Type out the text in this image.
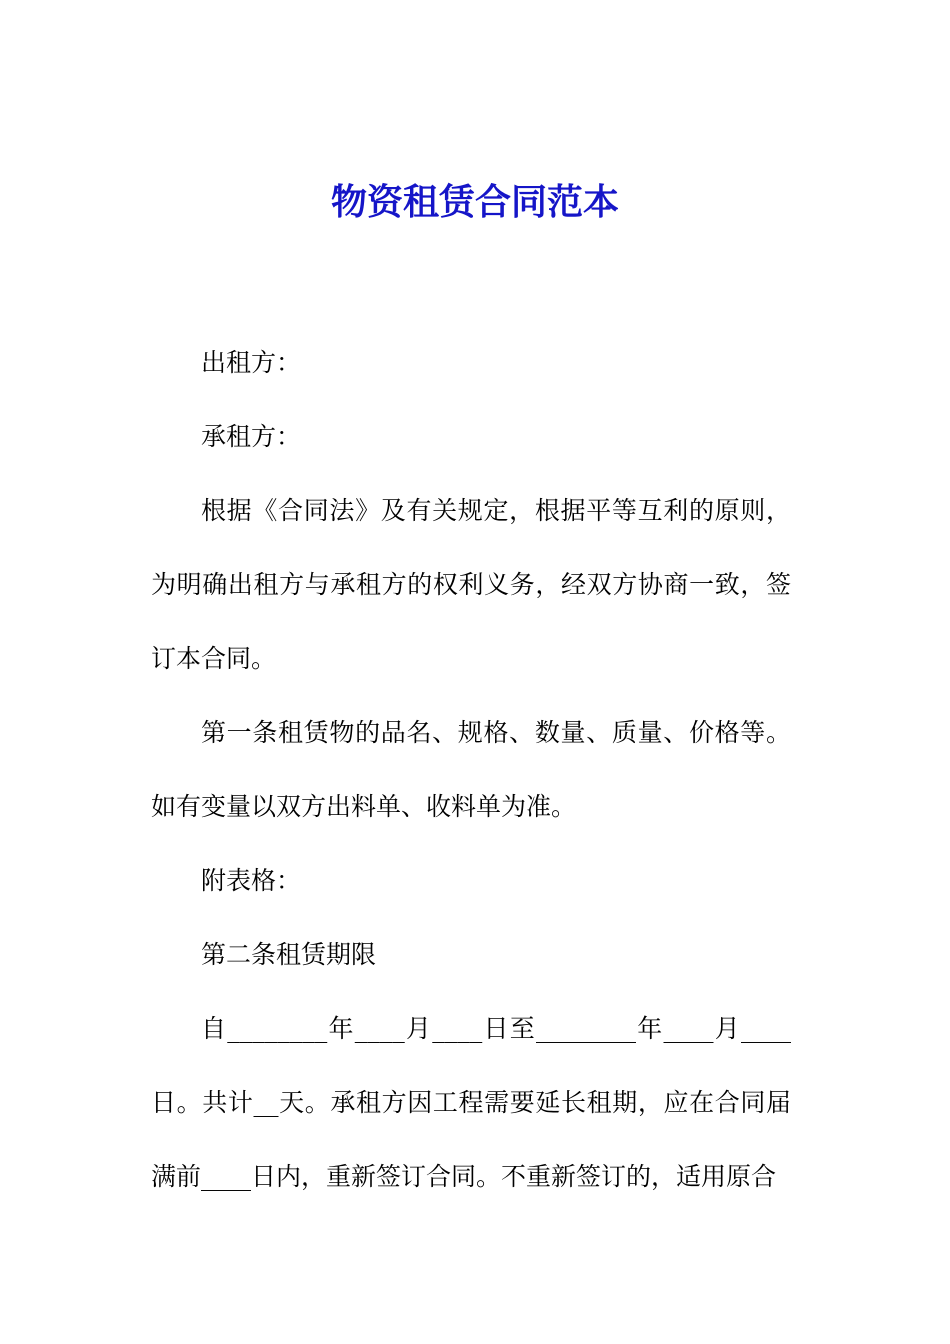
物资租赁合同范本

出租方：

承租方：

根据《合同法》及有关规定，根据平等互利的原则，为明确出租方与承租方的权利义务，经双方协商一致，签订本合同。

第一条租赁物的品名、规格、数量、质量、价格等。如有变量以双方出料单、收料单为准。

附表格：

第二条租赁期限

自________年____月____日至________年____月____日。共计__天。承租方因工程需要延长租期，应在合同届满前____日内，重新签订合同。不重新签订的，适用原合
